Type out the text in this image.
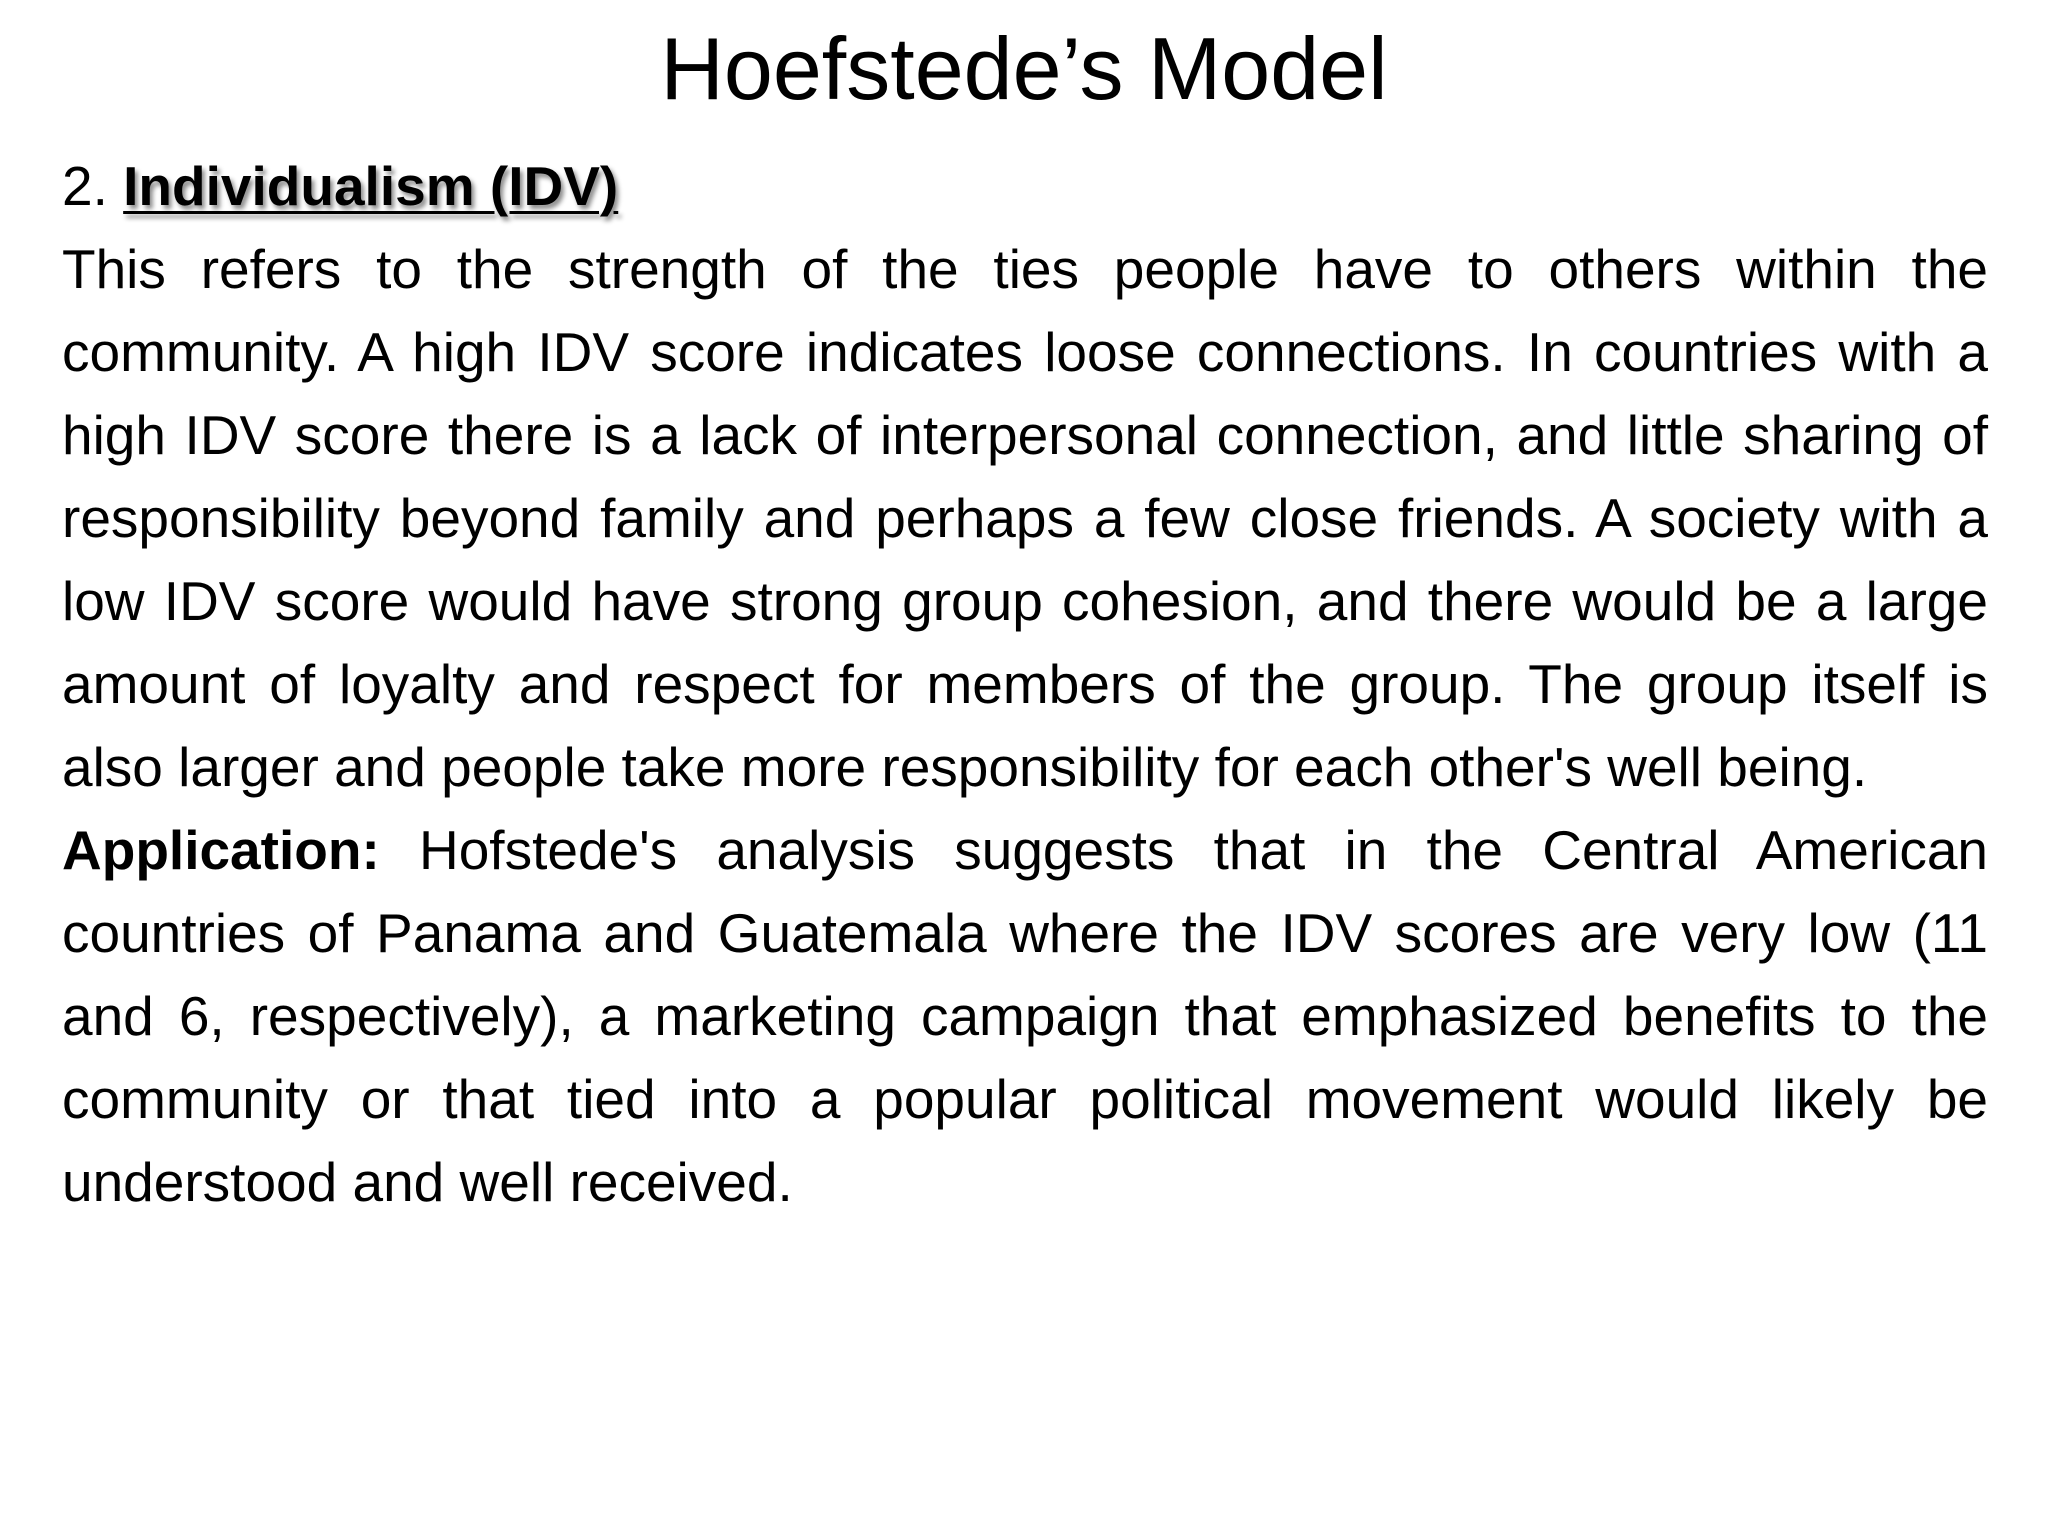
Hoefstede’s Model

2. Individualism (IDV)

This refers to the strength of the ties people have to others within the community. A high IDV score indicates loose connections. In countries with a high IDV score there is a lack of interpersonal connection, and little sharing of responsibility beyond family and perhaps a few close friends. A society with a low IDV score would have strong group cohesion, and there would be a large amount of loyalty and respect for members of the group. The group itself is also larger and people take more responsibility for each other's well being.

Application: Hofstede's analysis suggests that in the Central American countries of Panama and Guatemala where the IDV scores are very low (11 and 6, respectively), a marketing campaign that emphasized benefits to the community or that tied into a popular political movement would likely be understood and well received.
